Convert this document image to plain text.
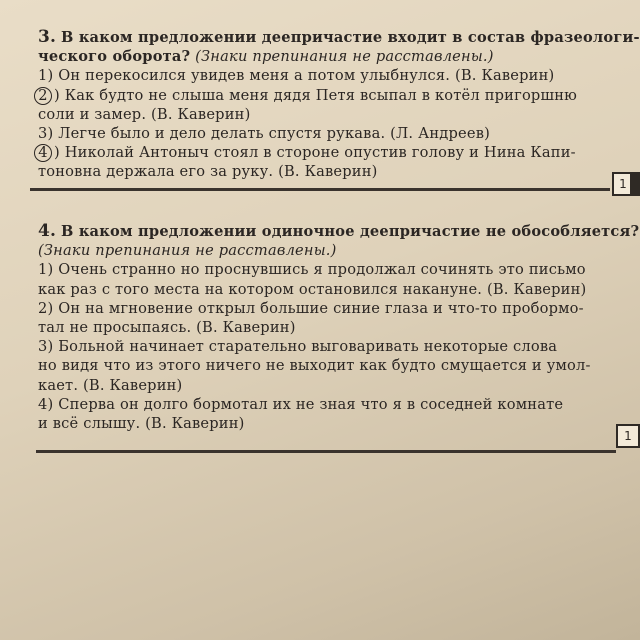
3. В каком предложении деепричастие входит в состав фразеологи-
ческого оборота? (Знаки препинания не расставлены.)
1) Он перекосился увидев меня а потом улыбнулся. (В. Каверин)
2 ) Как будто не слыша меня дядя Петя всыпал в котёл пригоршню
соли и замер. (В. Каверин)
3) Легче было и дело делать спустя рукава. (Л. Андреев)
4 ) Николай Антоныч стоял в стороне опустив голову и Нина Капи-
тоновна держала его за руку. (В. Каверин)
1
4. В каком предложении одиночное деепричастие не обособляется?
(Знаки препинания не расставлены.)
1) Очень странно но проснувшись я продолжал сочинять это письмо
как раз с того места на котором остановился накануне. (В. Каверин)
2) Он на мгновение открыл большие синие глаза и что-то пробормо-
тал не просыпаясь. (В. Каверин)
3) Больной начинает старательно выговаривать некоторые слова
но видя что из этого ничего не выходит как будто смущается и умол-
кает. (В. Каверин)
4) Сперва он долго бормотал их не зная что я в соседней комнате
и всё слышу. (В. Каверин)
1
